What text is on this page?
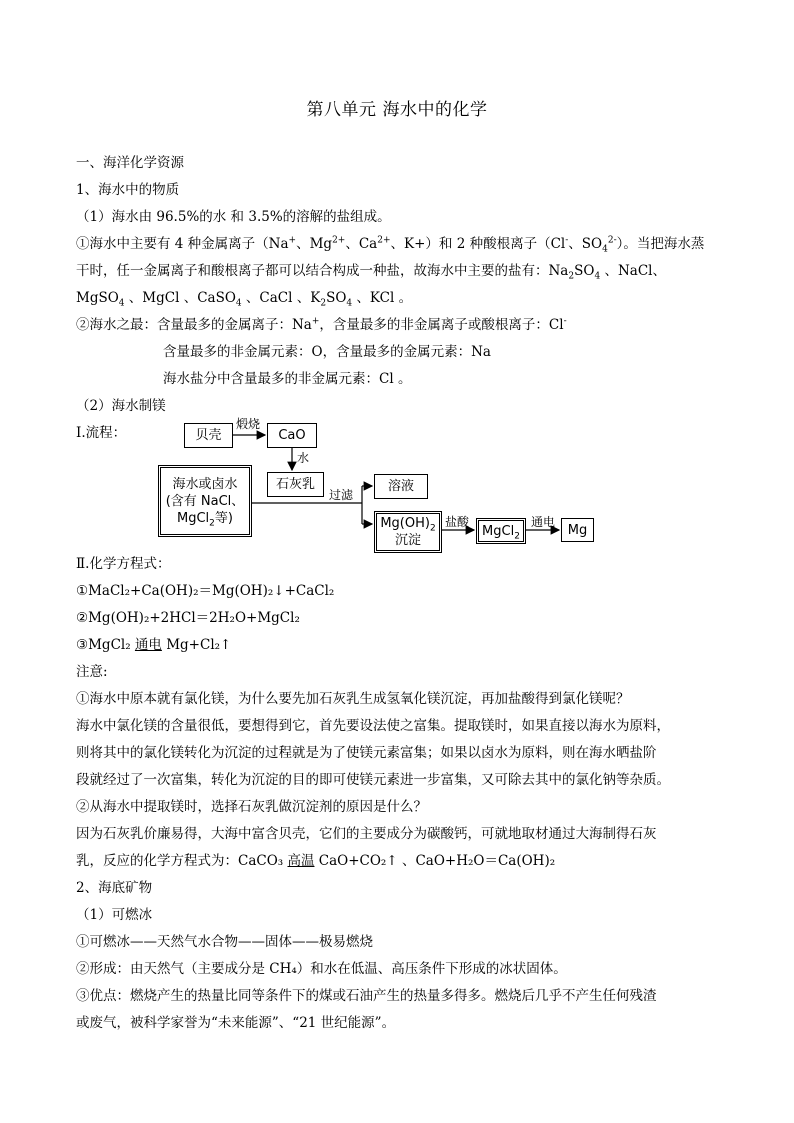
第八单元 海水中的化学
一、海洋化学资源
1、海水中的物质
（1）海水由 96.5%的水 和 3.5%的溶解的盐组成。
①海水中主要有 4 种金属离子（Na+、$Mg^{2+}$、$Ca^{2+}$、K+）和 2 种酸根离子（Cl-、$SO_4^{2-}$）。当把海水蒸
干时，任一金属离子和酸根离子都可以结合构成一种盐，故海水中主要的盐有：$Na_2SO_4$ 、NaCl、
MgSO$_4$ 、MgCl 、CaSO$_4$ 、CaCl 、$K_2SO_4$ 、KCl 。
②海水之最：含量最多的金属离子：Na+，含量最多的非金属离子或酸根离子：Cl-
含量最多的非金属元素：O，含量最多的金属元素：Na
海水盐分中含量最多的非金属元素：Cl 。
（2）海水制镁
Ⅰ.流程：	贝壳
煅烧
CaO
水
石灰乳
海水或卤水
(含有 NaCl、
MgCl$_2$等)
过滤
溶液
$Mg(OH)_2$
沉淀
盐酸
MgCl$_2$
通电
Mg
Ⅱ.化学方程式：
①MaCl₂+Ca(OH)₂＝Mg(OH)₂↓+CaCl₂
②Mg(OH)₂+2HCl＝2H₂O+MgCl₂
③MgCl₂ 通电 Mg+Cl₂↑
注意:
①海水中原本就有氯化镁，为什么要先加石灰乳生成氢氧化镁沉淀，再加盐酸得到氯化镁呢？
海水中氯化镁的含量很低，要想得到它，首先要设法使之富集。提取镁时，如果直接以海水为原料，
则将其中的氯化镁转化为沉淀的过程就是为了使镁元素富集；如果以卤水为原料，则在海水晒盐阶
段就经过了一次富集，转化为沉淀的目的即可使镁元素进一步富集，又可除去其中的氯化钠等杂质。
②从海水中提取镁时，选择石灰乳做沉淀剂的原因是什么？
因为石灰乳价廉易得，大海中富含贝壳，它们的主要成分为碳酸钙，可就地取材通过大海制得石灰
乳，反应的化学方程式为：CaCO₃ 高温 CaO+CO₂↑ 、CaO+H₂O＝Ca(OH)₂
2、海底矿物
（1）可燃冰
①可燃冰——天然气水合物——固体——极易燃烧
②形成：由天然气（主要成分是 CH₄）和水在低温、高压条件下形成的冰状固体。
③优点：燃烧产生的热量比同等条件下的煤或石油产生的热量多得多。燃烧后几乎不产生任何残渣
或废气，被科学家誉为“未来能源”、“21 世纪能源”。
